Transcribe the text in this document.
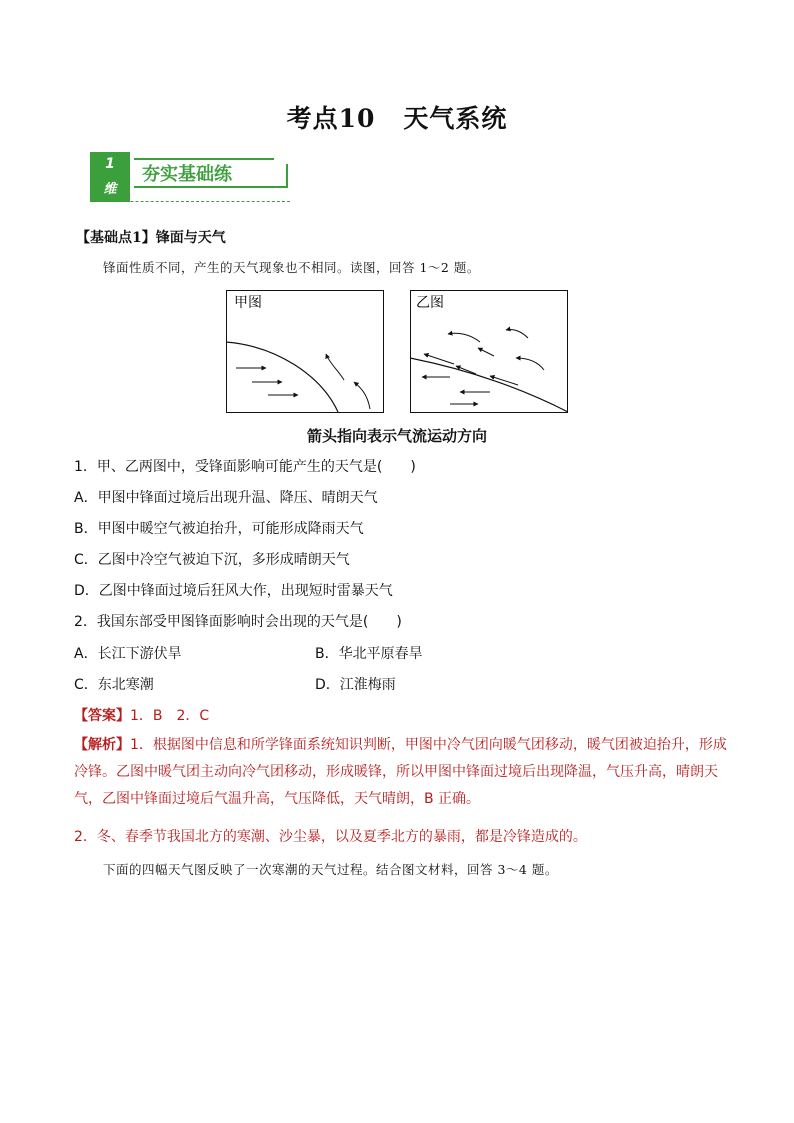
考点10 天气系统
1
维
夯实基础练
【基础点1】锋面与天气
锋面性质不同，产生的天气现象也不相同。读图，回答 1～2 题。
甲图	乙图
箭头指向表示气流运动方向
1．甲、乙两图中，受锋面影响可能产生的天气是(　　)
A．甲图中锋面过境后出现升温、降压、晴朗天气
B．甲图中暖空气被迫抬升，可能形成降雨天气
C．乙图中冷空气被迫下沉，多形成晴朗天气
D．乙图中锋面过境后狂风大作，出现短时雷暴天气
2．我国东部受甲图锋面影响时会出现的天气是(　　)
A．长江下游伏旱	B．华北平原春旱
C．东北寒潮	D．江淮梅雨
【答案】1．B　2．C
【解析】1．根据图中信息和所学锋面系统知识判断，甲图中冷气团向暖气团移动，暖气团被迫抬升，形成冷锋。乙图中暖气团主动向冷气团移动，形成暖锋，所以甲图中锋面过境后出现降温，气压升高，晴朗天气，乙图中锋面过境后气温升高，气压降低，天气晴朗，B 正确。
2．冬、春季节我国北方的寒潮、沙尘暴，以及夏季北方的暴雨，都是冷锋造成的。
下面的四幅天气图反映了一次寒潮的天气过程。结合图文材料，回答 3～4 题。
